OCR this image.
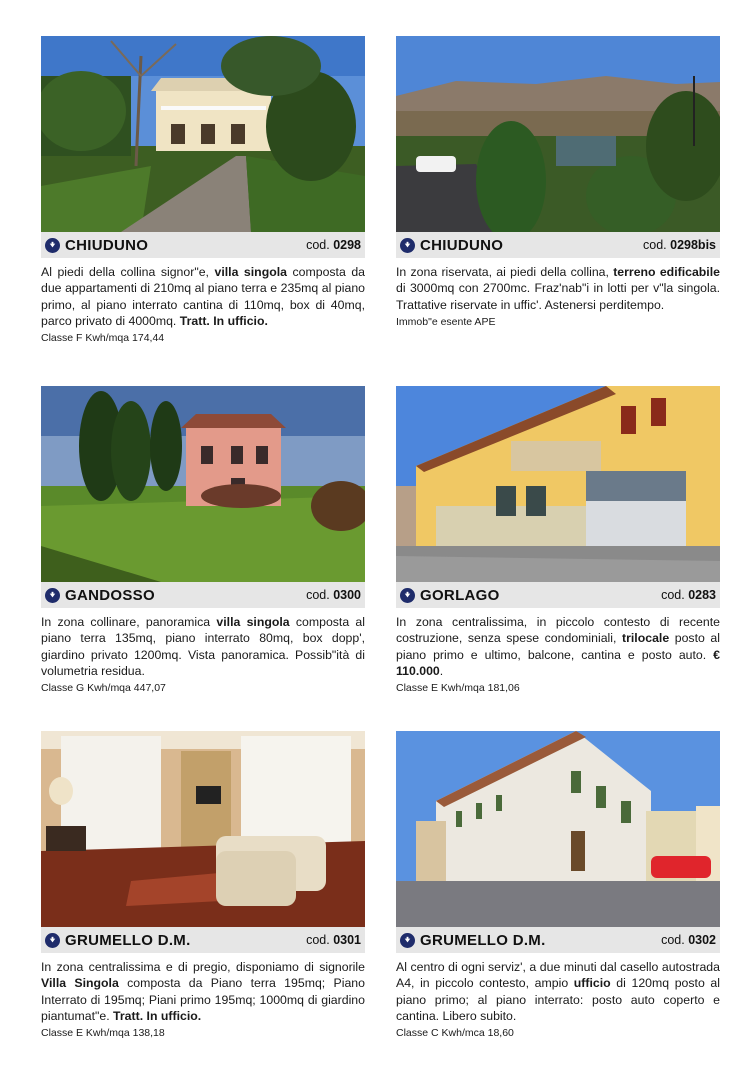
CHIUDUNO	cod. 0298

Al piedi della collina signor"e, villa singola composta da due appartamenti di 210mq al piano terra e 235mq al piano primo, al piano interrato cantina di 110mq, box di 40mq, parco privato di 4000mq. Tratt. In ufficio.

Classe F Kwh/mqa 174,44

CHIUDUNO	cod. 0298bis

In zona riservata, ai piedi della collina, terreno edificabile di 3000mq con 2700mc. Fraz'nab"i in lotti per v"la singola. Trattative riservate in uffic'. Astenersi perditempo.

Immob"e esente APE

GANDOSSO	cod. 0300

In zona collinare, panoramica villa singola composta al piano terra 135mq, piano interrato 80mq, box dopp', giardino privato 1200mq. Vista panoramica. Possib"ità di volumetria residua.

Classe G Kwh/mqa 447,07

GORLAGO	cod. 0283

In zona centralissima, in piccolo contesto di recente costruzione, senza spese condominiali, trilocale posto al piano primo e ultimo, balcone, cantina e posto auto. € 110.000.

Classe E Kwh/mqa 181,06

GRUMELLO D.M.	cod. 0301

In zona centralissima e di pregio, disponiamo di signorile Villa Singola composta da Piano terra 195mq; Piano Interrato di 195mq; Piani primo 195mq; 1000mq di giardino piantumat"e. Tratt. In ufficio.

Classe E Kwh/mqa 138,18

GRUMELLO D.M.	cod. 0302

Al centro di ogni serviz', a due minuti dal casello autostrada A4, in piccolo contesto, ampio ufficio di 120mq posto al piano primo; al piano interrato: posto auto coperto e cantina. Libero subito.

Classe C Kwh/mca 18,60
